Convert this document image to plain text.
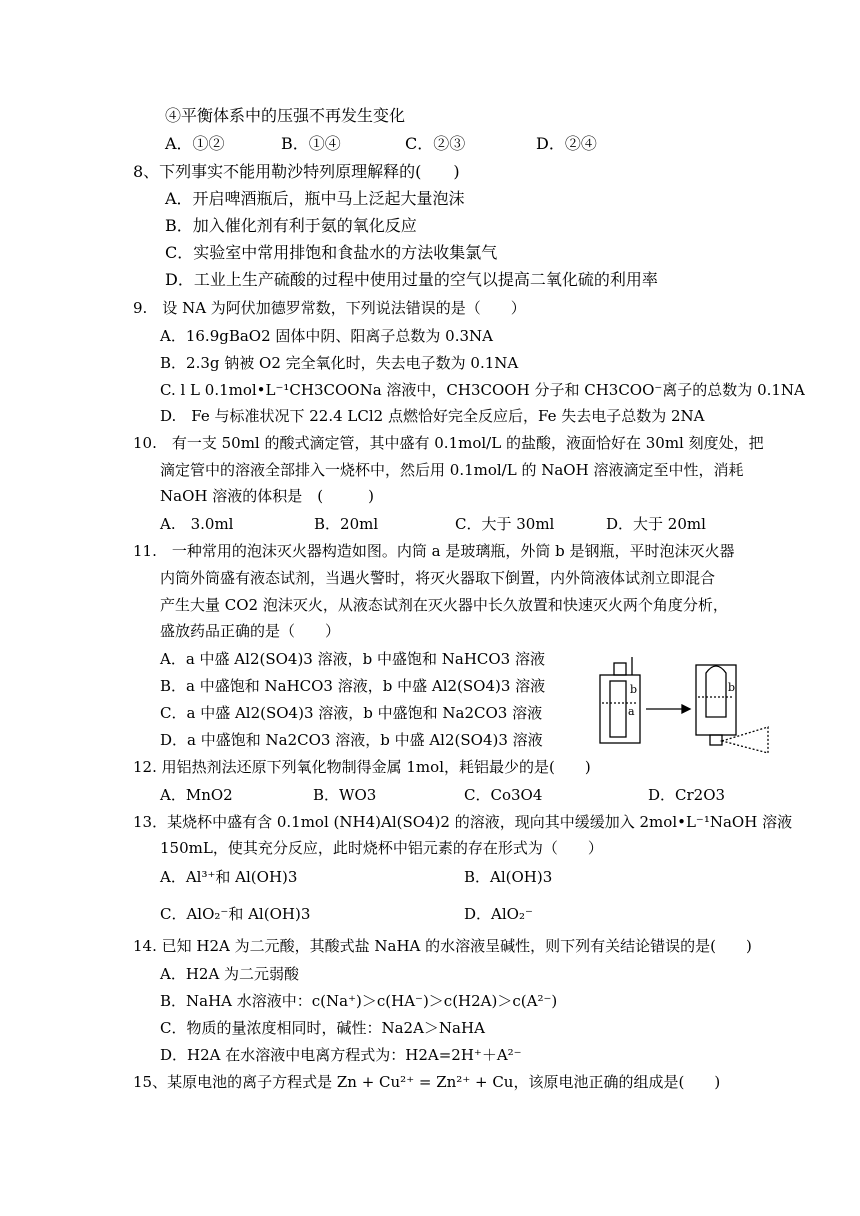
④平衡体系中的压强不再发生变化
A．①②	B．①④	C．②③	D．②④
8、下列事实不能用勒沙特列原理解释的(　　)
A．开启啤酒瓶后，瓶中马上泛起大量泡沫
B．加入催化剂有利于氨的氧化反应
C．实验室中常用排饱和食盐水的方法收集氯气
D．工业上生产硫酸的过程中使用过量的空气以提高二氧化硫的利用率
9.　设 NA 为阿伏加德罗常数，下列说法错误的是（　　）
A．16.9gBaO2 固体中阴、阳离子总数为 0.3NA
B．2.3g 钠被 O2 完全氧化时，失去电子数为 0.1NA
C. l L 0.1mol•L⁻¹CH3COONa 溶液中，CH3COOH 分子和 CH3COO⁻离子的总数为 0.1NA
D.　Fe 与标准状况下 22.4 LCl2 点燃恰好完全反应后，Fe 失去电子总数为 2NA
10.　有一支 50ml 的酸式滴定管，其中盛有 0.1mol/L 的盐酸，液面恰好在 30ml 刻度处，把
滴定管中的溶液全部排入一烧杯中，然后用 0.1mol/L 的 NaOH 溶液滴定至中性，消耗
NaOH 溶液的体积是　(　　　)
A.　3.0ml	B．20ml	C．大于 30ml	D．大于 20ml
11.　一种常用的泡沫灭火器构造如图。内筒 a 是玻璃瓶，外筒 b 是钢瓶，平时泡沫灭火器
内筒外筒盛有液态试剂，当遇火警时，将灭火器取下倒置，内外筒液体试剂立即混合
产生大量 CO2 泡沫灭火，从液态试剂在灭火器中长久放置和快速灭火两个角度分析，
盛放药品正确的是（　　）
A．a 中盛 Al2(SO4)3 溶液，b 中盛饱和 NaHCO3 溶液
B．a 中盛饱和 NaHCO3 溶液，b 中盛 Al2(SO4)3 溶液
C．a 中盛 Al2(SO4)3 溶液，b 中盛饱和 Na2CO3 溶液
D．a 中盛饱和 Na2CO3 溶液，b 中盛 Al2(SO4)3 溶液
a
b	b
12. 用铝热剂法还原下列氧化物制得金属 1mol，耗铝最少的是(　　)
A．MnO2	B．WO3	C．Co3O4	D．Cr2O3
13．某烧杯中盛有含 0.1mol (NH4)Al(SO4)2 的溶液，现向其中缓缓加入 2mol•L⁻¹NaOH 溶液
150mL，使其充分反应，此时烧杯中铝元素的存在形式为（　　）
A．Al³⁺和 Al(OH)3	B．Al(OH)3
C．AlO₂⁻和 Al(OH)3	D．AlO₂⁻
14. 已知 H2A 为二元酸，其酸式盐 NaHA 的水溶液呈碱性，则下列有关结论错误的是(　　)
A．H2A 为二元弱酸
B．NaHA 水溶液中：c(Na⁺)＞c(HA⁻)＞c(H2A)＞c(A²⁻)
C．物质的量浓度相同时，碱性：Na2A＞NaHA
D．H2A 在水溶液中电离方程式为：H2A=2H⁺＋A²⁻
15、某原电池的离子方程式是 Zn + Cu²⁺ = Zn²⁺ + Cu，该原电池正确的组成是(　　)
